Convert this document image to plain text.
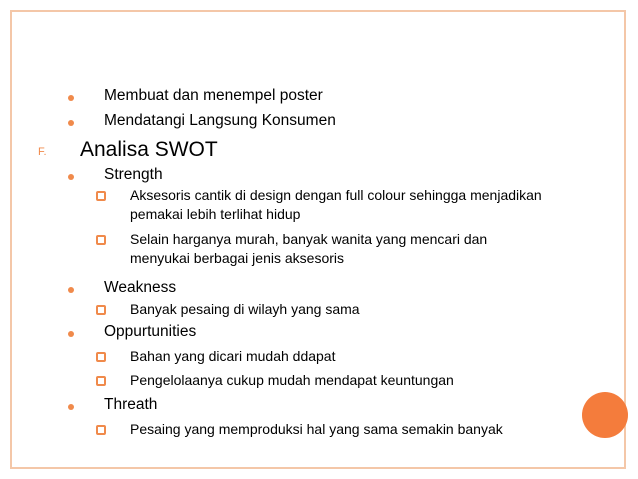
Membuat dan menempel poster
Mendatangi Langsung Konsumen
F. Analisa SWOT
Strength
Aksesoris cantik di design dengan full colour sehingga menjadikan
pemakai lebih terlihat hidup
Selain harganya murah, banyak wanita yang mencari dan
menyukai berbagai jenis aksesoris
Weakness
Banyak pesaing di wilayh yang sama
Oppurtunities
Bahan yang dicari mudah ddapat
Pengelolaanya cukup mudah mendapat keuntungan
Threath
Pesaing yang memproduksi hal yang sama semakin banyak
